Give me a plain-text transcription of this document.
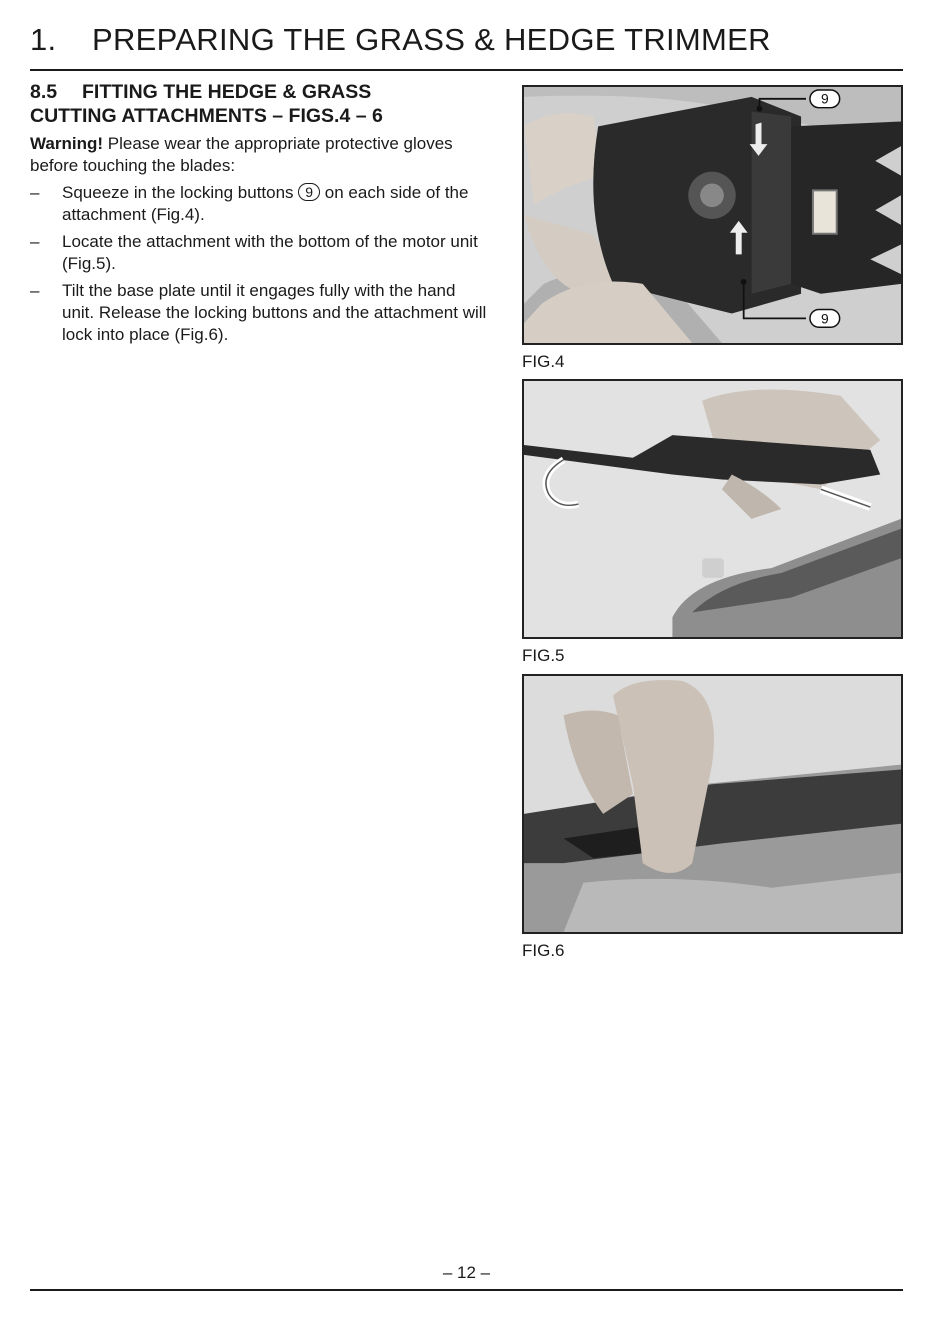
1. PREPARING THE GRASS & HEDGE TRIMMER
8.5 FITTING THE HEDGE & GRASS
CUTTING ATTACHMENTS – FIGS.4 – 6

Warning! Please wear the appropriate protective gloves before touching the blades:

– Squeeze in the locking buttons 9 on each side of the attachment (Fig.4).
– Locate the attachment with the bottom of the motor unit (Fig.5).
– Tilt the base plate until it engages fully with the hand unit. Release the locking buttons and the attachment will lock into place (Fig.6).
9
9
FIG.4
FIG.5
FIG.6
– 12 –
